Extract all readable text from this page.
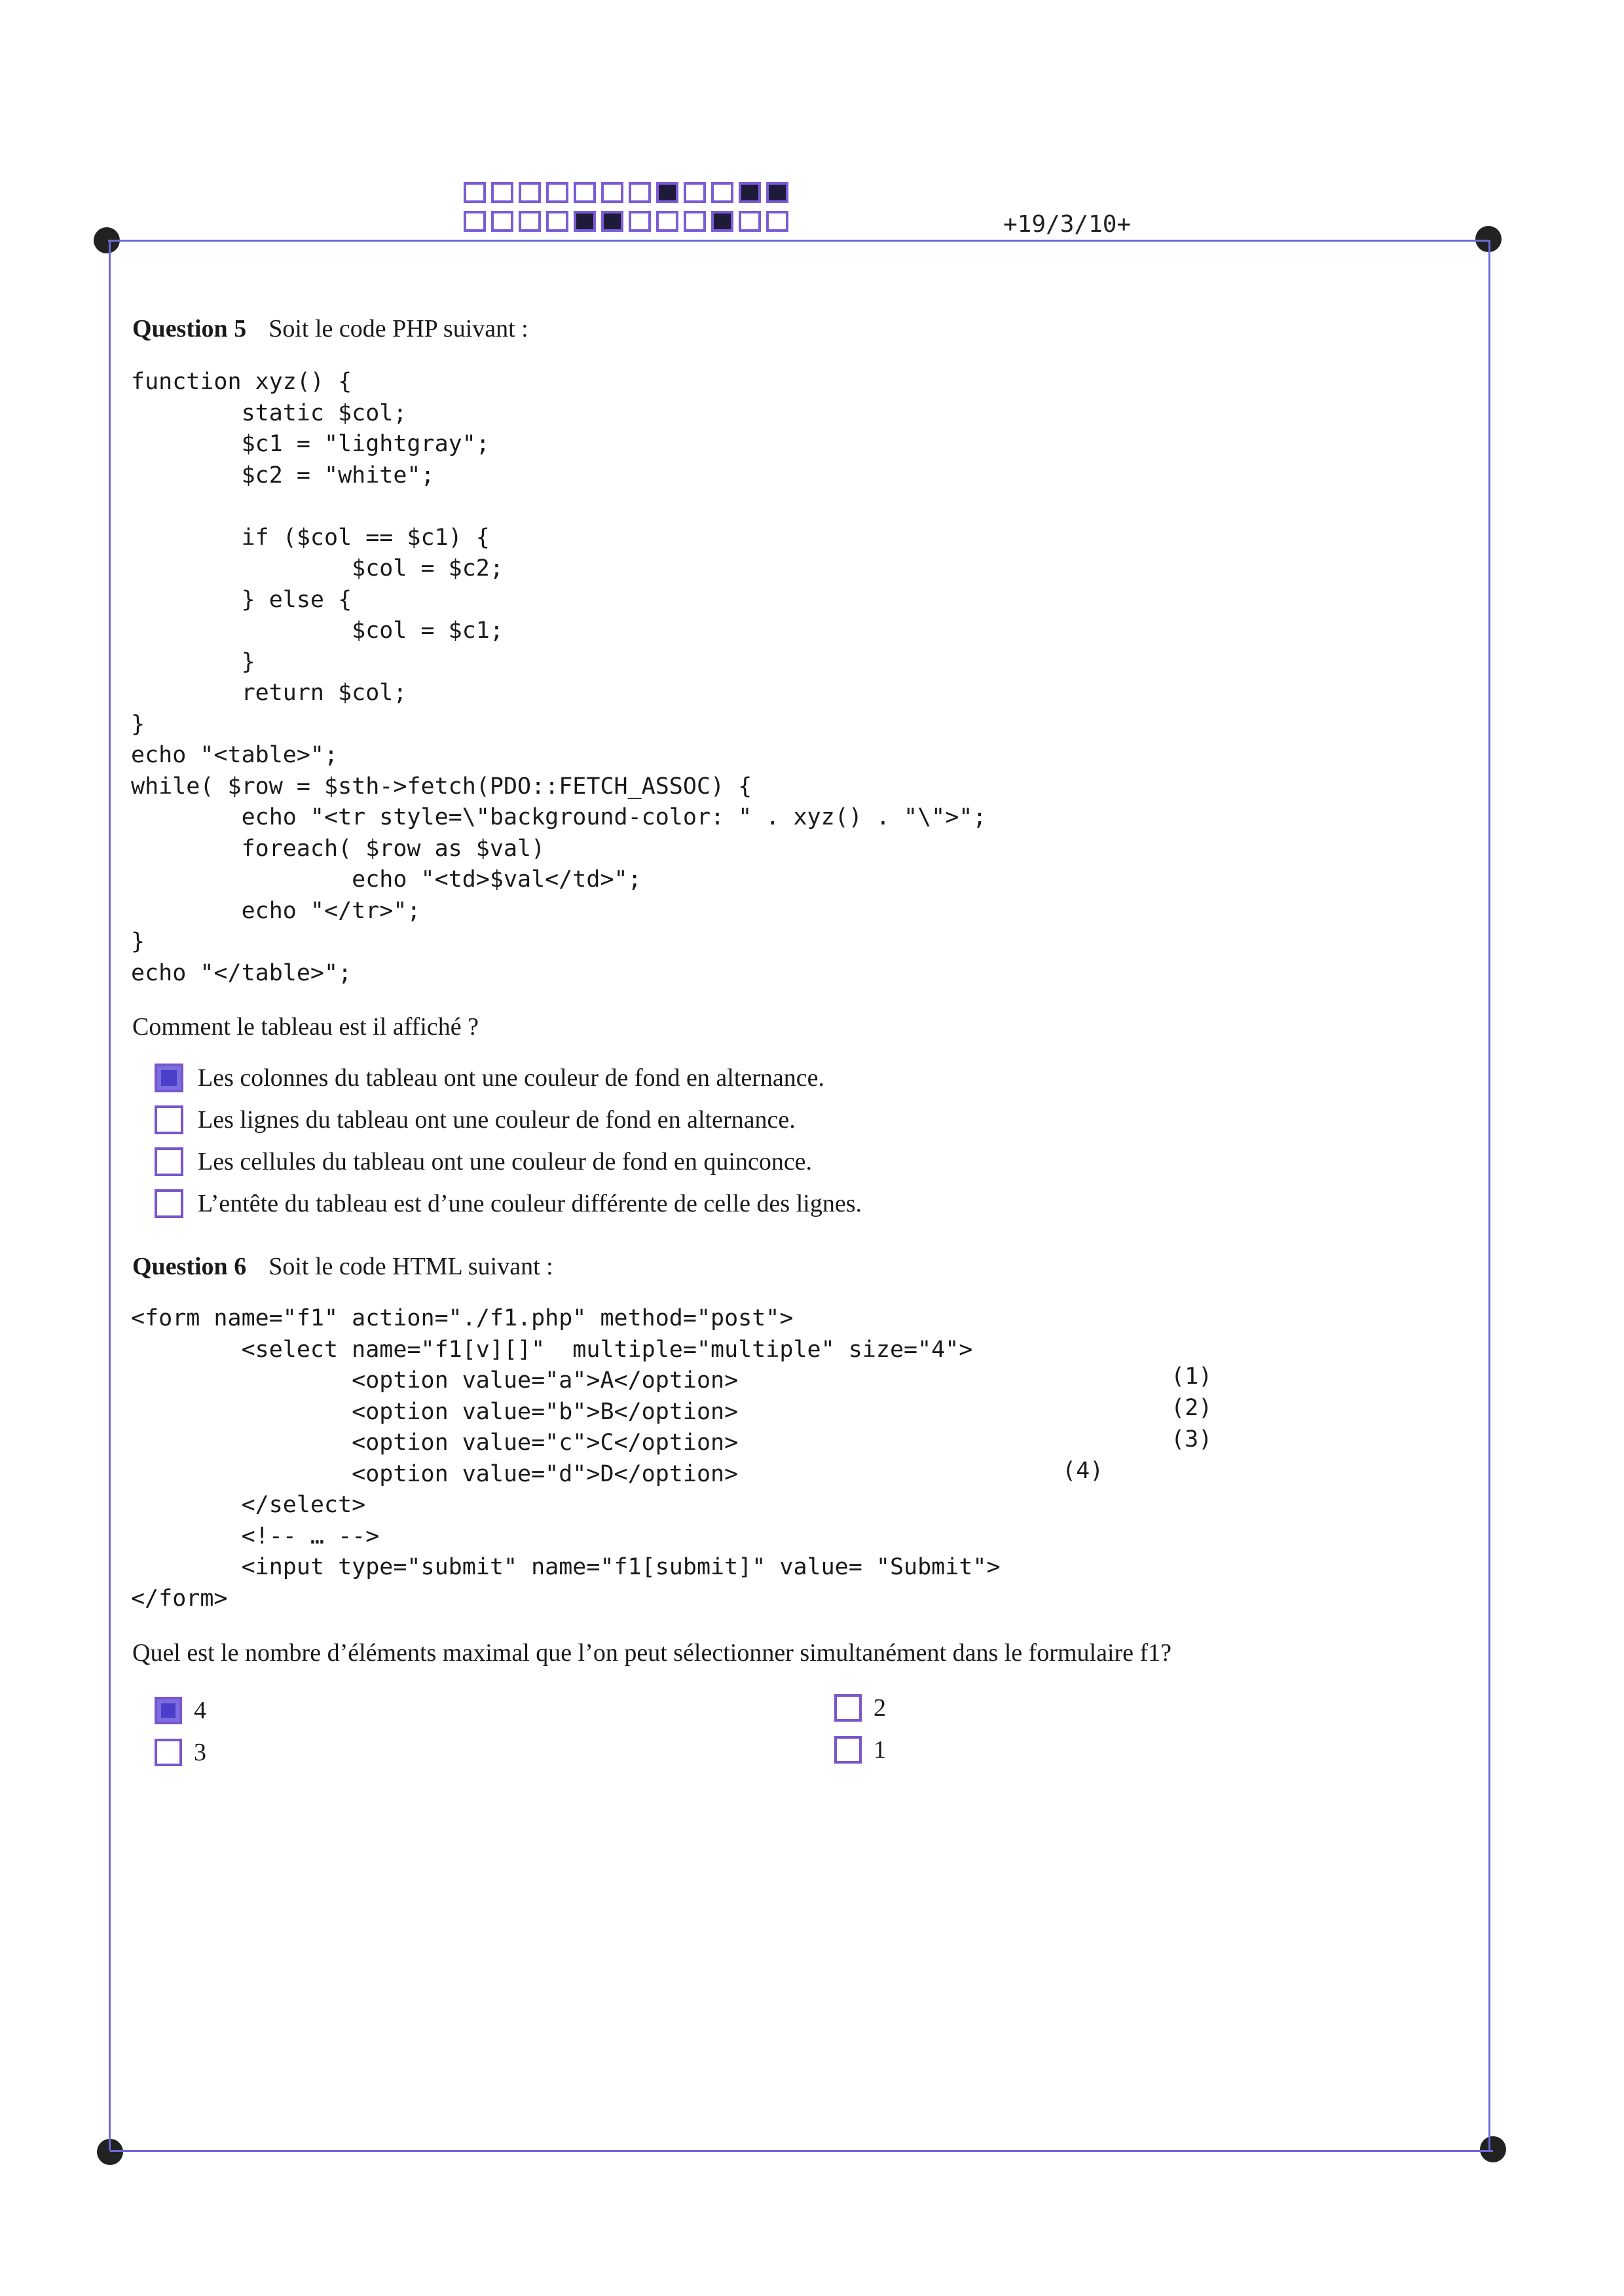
+19/3/10+
Question 5 Soit le code PHP suivant :
function xyz() {
static $col;
$c1 = "lightgray";
$c2 = "white";

if ($col == $c1) {
$col = $c2;
} else {
$col = $c1;
}
return $col;
}
echo "<table>";
while( $row = $sth->fetch(PDO::FETCH_ASSOC) {
echo "<tr style=\"background-color: " . xyz() . "\">";
foreach( $row as $val)
echo "<td>$val</td>";
echo "</tr>";
}
echo "</table>";
Comment le tableau est il affiché ?
Les colonnes du tableau ont une couleur de fond en alternance.
Les lignes du tableau ont une couleur de fond en alternance.
Les cellules du tableau ont une couleur de fond en quinconce.
L’entête du tableau est d’une couleur différente de celle des lignes.
Question 6 Soit le code HTML suivant :
<form name="f1" action="./f1.php" method="post">
<select name="f1[v][]"  multiple="multiple" size="4">
<option value="a">A</option>
<option value="b">B</option>
<option value="c">C</option>
<option value="d">D</option>
</select>
<!-- … -->
<input type="submit" name="f1[submit]" value= "Submit">
</form>
(1)
(2)
(3)
(4)
Quel est le nombre d’éléments maximal que l’on peut sélectionner simultanément dans le formulaire f1?
4	2
3	1
